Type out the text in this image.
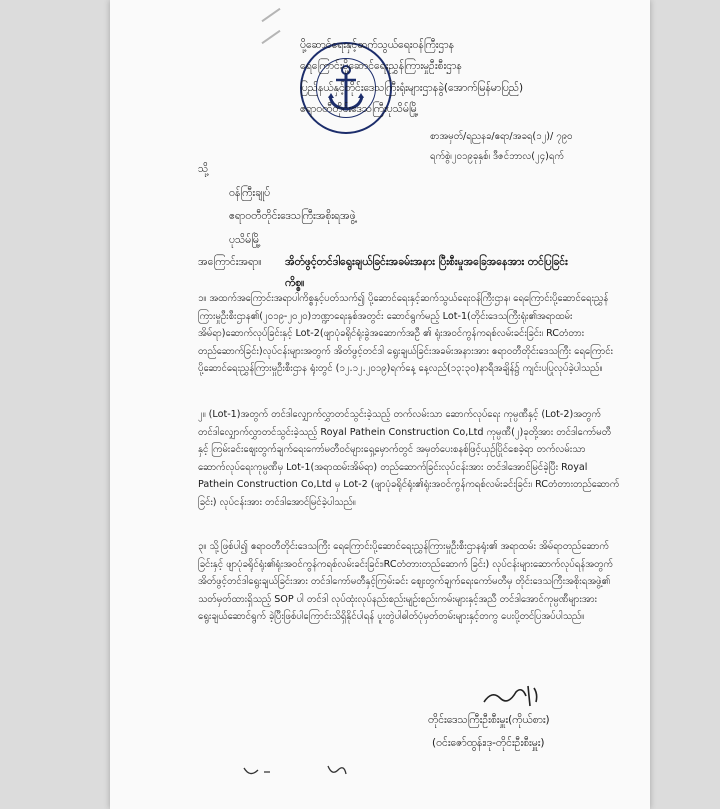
ပို့ဆောင်ရေးနှင့်ဆက်သွယ်ရေးဝန်ကြီးဌာန
ရေကြောင်းပို့ဆောင်ရေးညွှန်ကြားမှုဦးစီးဌာန
ပြည်နယ်နှင့်တိုင်းဒေသကြီးရုံးများဌာနခွဲ(အောက်မြန်မာပြည်)
ဧရာဝတီတိုင်းဒေသကြီးပုသိမ်မြို့
စာအမှတ်/ရညနခ/ဧရာ/အခရ(၁၂)/ ၇၉၀
ရက်စွဲ၊၂၀၁၉ခုနှစ်၊ ဒီဇင်ဘာလ(၂၄)ရက်
သို့
ဝန်ကြီးချုပ်
ဧရာဝတီတိုင်းဒေသကြီးအစိုးရအဖွဲ့
ပုသိမ်မြို့
အကြောင်းအရာ။ အိတ်ဖွင့်တင်ဒါရွေးချယ်ခြင်းအခမ်းအနား ပြီးစီးမှုအခြေအနေအား တင်ပြခြင်း
ကိစ္စ။
၁။ အထက်အကြောင်းအရာပါကိစ္စနှင့်ပတ်သက်၍ ပို့ဆောင်ရေးနှင့်ဆက်သွယ်ရေးဝန်ကြီးဌာန၊ ရေကြောင်းပို့ဆောင်ရေးညွှန်ကြားမှုဦးစီးဌာန၏(၂၀၁၉-၂၀၂၀)ဘဏ္ဍာရေးနှစ်အတွင်း ဆောင်ရွက်မည့် Lot-1(တိုင်းဒေသကြီးရုံး၏အရာထမ်းအိမ်ရာ)ဆောက်လုပ်ခြင်းနှင့် Lot-2(ဖျာပုံခရိုင်ရုံးခွဲအဆောက်အဦ ၏ ရုံးအဝင်ကွန်ကရစ်လမ်းခင်းခြင်း၊ RCတံတားတည်ဆောက်ခြင်း)လုပ်ငန်းများအတွက် အိတ်ဖွင့်တင်ဒါ ရွေးချယ်ခြင်းအခမ်းအနားအား ဧရာဝတီတိုင်းဒေသကြီး ရေကြောင်းပို့ဆောင်ရေးညွှန်ကြားမှုဦးစီးဌာန ရုံးတွင် (၁၂.၁၂.၂၀၁၉)ရက်နေ့ နေ့လည်(၁၃:၃၀)နာရီအချိန်၌ ကျင်းပပြုလုပ်ခဲ့ပါသည်။
၂။ (Lot-1)အတွက် တင်ဒါလျှောက်လွှာတင်သွင်းခဲ့သည့် တက်လမ်းသာ ဆောက်လုပ်ရေး ကုမ္ပဏီနှင့် (Lot-2)အတွက် တင်ဒါလျှောက်လွှာတင်သွင်းခဲ့သည့် Royal Pathein Construction Co,Ltd ကုမ္ပဏီ(၂)ခုတို့အား တင်ဒါကော်မတီနှင့် ကြမ်းခင်းဈေးတွက်ချက်ရေးကော်မတီဝင်များရှေ့မှောက်တွင် အမှတ်ပေးစနစ်ဖြင့်ယှဉ်ပြိုင်စေခဲ့ရာ တက်လမ်းသာ ဆောက်လုပ်ရေးကုမ္ပဏီမှ Lot-1(အရာထမ်းအိမ်ရာ) တည်ဆောက်ခြင်းလုပ်ငန်းအား တင်ဒါအောင်မြင်ခဲ့ပြီး Royal Pathein Construction Co,Ltd မှ Lot-2 (ဖျာပုံခရိုင်ရုံး၏ရုံးအဝင်ကွန်ကရစ်လမ်းခင်းခြင်း၊ RCတံတားတည်ဆောက်ခြင်း) လုပ်ငန်းအား တင်ဒါအောင်မြင်ခဲ့ပါသည်။
၃။ သို့ဖြစ်ပါ၍ ဧရာဝတီတိုင်းဒေသကြီး ရေကြောင်းပို့ဆောင်ရေးညွှန်ကြားမှုဦးစီးဌာနရုံး၏ အရာထမ်း အိမ်ရာတည်ဆောက်ခြင်းနှင့် ဖျာပုံခရိုင်ရုံး၏ရုံးအဝင်ကွန်ကရစ်လမ်းခင်းခြင်း၊RCတံတားတည်ဆောက် ခြင်း) လုပ်ငန်းများဆောက်လုပ်ရန်အတွက် အိတ်ဖွင့်တင်ဒါရွေးချယ်ခြင်းအား တင်ဒါကော်မတီနှင့်ကြမ်းခင်း ဈေးတွက်ချက်ရေးကော်မတီမှ တိုင်းဒေသကြီးအစိုးရအဖွဲ့၏ သတ်မှတ်ထားရှိသည့် SOP ပါ တင်ဒါ လုပ်ထုံးလုပ်နည်းစည်းမျဉ်းစည်းကမ်းများနှင့်အညီ တင်ဒါအောင်ကုမ္ပဏီများအား ရွေးချယ်ဆောင်ရွက် ခဲ့ပြီးဖြစ်ပါကြောင်းသိရှိနိုင်ပါရန် ပူးတွဲပါဓါတ်ပုံမှတ်တမ်းများနှင့်တကွ ပေးပို့တင်ပြအပ်ပါသည်။
တိုင်းဒေသကြီးဦးစီးမှူး(ကိုယ်စား)
(ဝင်းဇော်ထွန်း၊ဒု-တိုင်းဦးစီးမှူး)
